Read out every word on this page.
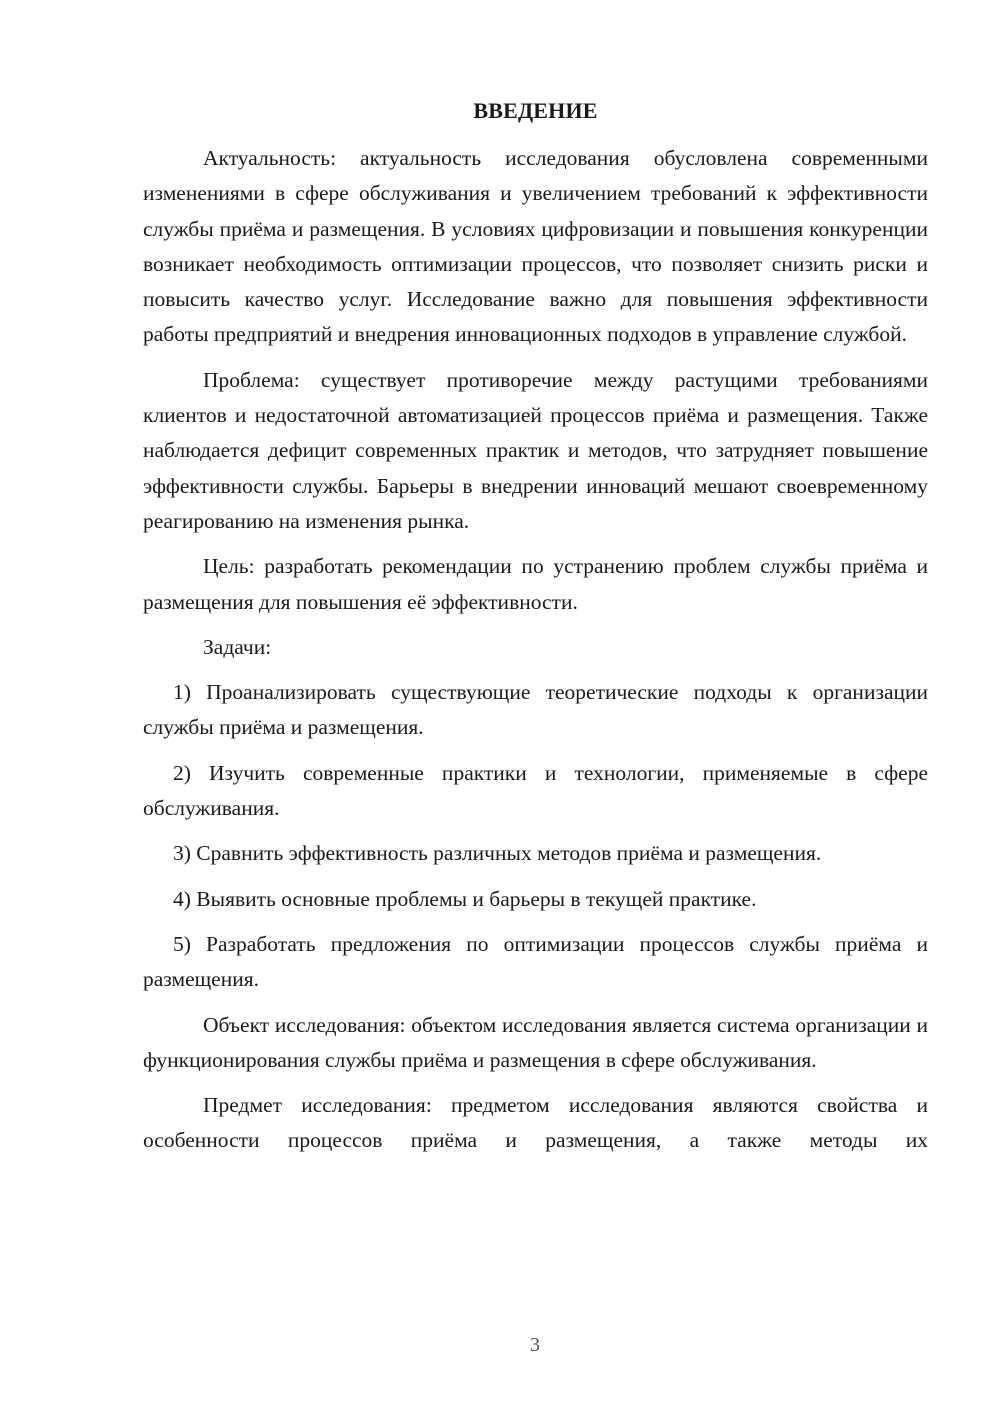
ВВЕДЕНИЕ

Актуальность: актуальность исследования обусловлена современными изменениями в сфере обслуживания и увеличением требований к эффективности службы приёма и размещения. В условиях цифровизации и повышения конкуренции возникает необходимость оптимизации процессов, что позволяет снизить риски и повысить качество услуг. Исследование важно для повышения эффективности работы предприятий и внедрения инновационных подходов в управление службой.

Проблема: существует противоречие между растущими требованиями клиентов и недостаточной автоматизацией процессов приёма и размещения. Также наблюдается дефицит современных практик и методов, что затрудняет повышение эффективности службы. Барьеры в внедрении инноваций мешают своевременному реагированию на изменения рынка.

Цель: разработать рекомендации по устранению проблем службы приёма и размещения для повышения её эффективности.

Задачи:

1) Проанализировать существующие теоретические подходы к организации службы приёма и размещения.

2) Изучить современные практики и технологии, применяемые в сфере обслуживания.

3) Сравнить эффективность различных методов приёма и размещения.

4) Выявить основные проблемы и барьеры в текущей практике.

5) Разработать предложения по оптимизации процессов службы приёма и размещения.

Объект исследования: объектом исследования является система организации и функционирования службы приёма и размещения в сфере обслуживания.

Предмет исследования: предметом исследования являются свойства и особенности процессов приёма и размещения, а также методы их

3
